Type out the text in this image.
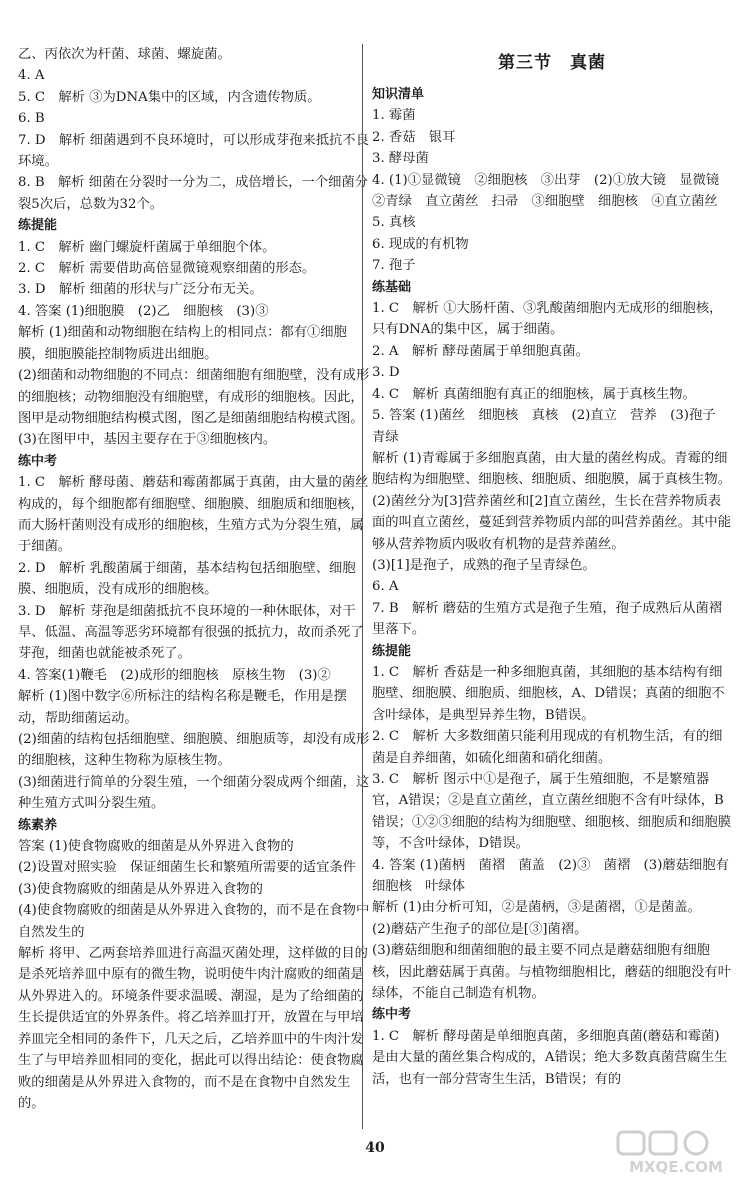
乙、丙依次为杆菌、球菌、螺旋菌。

4. A

5. C　解析 ③为DNA集中的区域，内含遗传物质。

6. B

7. D　解析 细菌遇到不良环境时，可以形成芽孢来抵抗不良环境。

8. B　解析 细菌在分裂时一分为二，成倍增长，一个细菌分裂5次后，总数为32个。

练提能

1. C　解析 幽门螺旋杆菌属于单细胞个体。

2. C　解析 需要借助高倍显微镜观察细菌的形态。

3. D　解析 细菌的形状与广泛分布无关。

4. 答案 (1)细胞膜　(2)乙　细胞核　(3)③

解析 (1)细菌和动物细胞在结构上的相同点：都有①细胞膜，细胞膜能控制物质进出细胞。

(2)细菌和动物细胞的不同点：细菌细胞有细胞壁，没有成形的细胞核；动物细胞没有细胞壁，有成形的细胞核。因此，图甲是动物细胞结构模式图，图乙是细菌细胞结构模式图。

(3)在图甲中，基因主要存在于③细胞核内。

练中考

1. C　解析 酵母菌、蘑菇和霉菌都属于真菌，由大量的菌丝构成的，每个细胞都有细胞壁、细胞膜、细胞质和细胞核，而大肠杆菌则没有成形的细胞核，生殖方式为分裂生殖，属于细菌。

2. D　解析 乳酸菌属于细菌，基本结构包括细胞壁、细胞膜、细胞质，没有成形的细胞核。

3. D　解析 芽孢是细菌抵抗不良环境的一种休眠体，对干旱、低温、高温等恶劣环境都有很强的抵抗力，故而杀死了芽孢，细菌也就能被杀死了。

4. 答案(1)鞭毛　(2)成形的细胞核　原核生物　(3)②

解析 (1)图中数字⑥所标注的结构名称是鞭毛，作用是摆动，帮助细菌运动。

(2)细菌的结构包括细胞壁、细胞膜、细胞质等，却没有成形的细胞核，这种生物称为原核生物。

(3)细菌进行简单的分裂生殖，一个细菌分裂成两个细菌，这种生殖方式叫分裂生殖。

练素养

答案 (1)使食物腐败的细菌是从外界进入食物的

(2)设置对照实验　保证细菌生长和繁殖所需要的适宜条件

(3)使食物腐败的细菌是从外界进入食物的

(4)使食物腐败的细菌是从外界进入食物的，而不是在食物中自然发生的

解析 将甲、乙两套培养皿进行高温灭菌处理，这样做的目的是杀死培养皿中原有的微生物，说明使牛肉汁腐败的细菌是从外界进入的。环境条件要求温暖、潮湿，是为了给细菌的生长提供适宜的外界条件。将乙培养皿打开，放置在与甲培养皿完全相同的条件下，几天之后，乙培养皿中的牛肉汁发生了与甲培养皿相同的变化，据此可以得出结论：使食物腐败的细菌是从外界进入食物的，而不是在食物中自然发生的。

第三节　真菌

知识清单

1. 霉菌

2. 香菇　银耳

3. 酵母菌

4. (1)①显微镜　②细胞核　③出芽　(2)①放大镜　显微镜　②青绿　直立菌丝　扫帚　③细胞壁　细胞核　④直立菌丝

5. 真核

6. 现成的有机物

7. 孢子

练基础

1. C　解析 ①大肠杆菌、③乳酸菌细胞内无成形的细胞核，只有DNA的集中区，属于细菌。

2. A　解析 酵母菌属于单细胞真菌。

3. D

4. C　解析 真菌细胞有真正的细胞核，属于真核生物。

5. 答案 (1)菌丝　细胞核　真核　(2)直立　营养　(3)孢子　青绿

解析 (1)青霉属于多细胞真菌，由大量的菌丝构成。青霉的细胞结构为细胞壁、细胞核、细胞质、细胞膜，属于真核生物。

(2)菌丝分为[3]营养菌丝和[2]直立菌丝，生长在营养物质表面的叫直立菌丝，蔓延到营养物质内部的叫营养菌丝。其中能够从营养物质内吸收有机物的是营养菌丝。

(3)[1]是孢子，成熟的孢子呈青绿色。

6. A

7. B　解析 蘑菇的生殖方式是孢子生殖，孢子成熟后从菌褶里落下。

练提能

1. C　解析 香菇是一种多细胞真菌，其细胞的基本结构有细胞壁、细胞膜、细胞质、细胞核，A、D错误；真菌的细胞不含叶绿体，是典型异养生物，B错误。

2. C　解析 大多数细菌只能利用现成的有机物生活，有的细菌是自养细菌，如硫化细菌和硝化细菌。

3. C　解析 图示中①是孢子，属于生殖细胞，不是繁殖器官，A错误；②是直立菌丝，直立菌丝细胞不含有叶绿体，B错误；①②③细胞的结构为细胞壁、细胞核、细胞质和细胞膜等，不含叶绿体，D错误。

4. 答案 (1)菌柄　菌褶　菌盖　(2)③　菌褶　(3)蘑菇细胞有细胞核　叶绿体

解析 (1)由分析可知，②是菌柄，③是菌褶，①是菌盖。

(2)蘑菇产生孢子的部位是[③]菌褶。

(3)蘑菇细胞和细菌细胞的最主要不同点是蘑菇细胞有细胞核，因此蘑菇属于真菌。与植物细胞相比，蘑菇的细胞没有叶绿体，不能自己制造有机物。

练中考

1. C　解析 酵母菌是单细胞真菌，多细胞真菌(蘑菇和霉菌)是由大量的菌丝集合构成的，A错误；绝大多数真菌营腐生生活，也有一部分营寄生生活，B错误；有的

40
MXQE.COM
